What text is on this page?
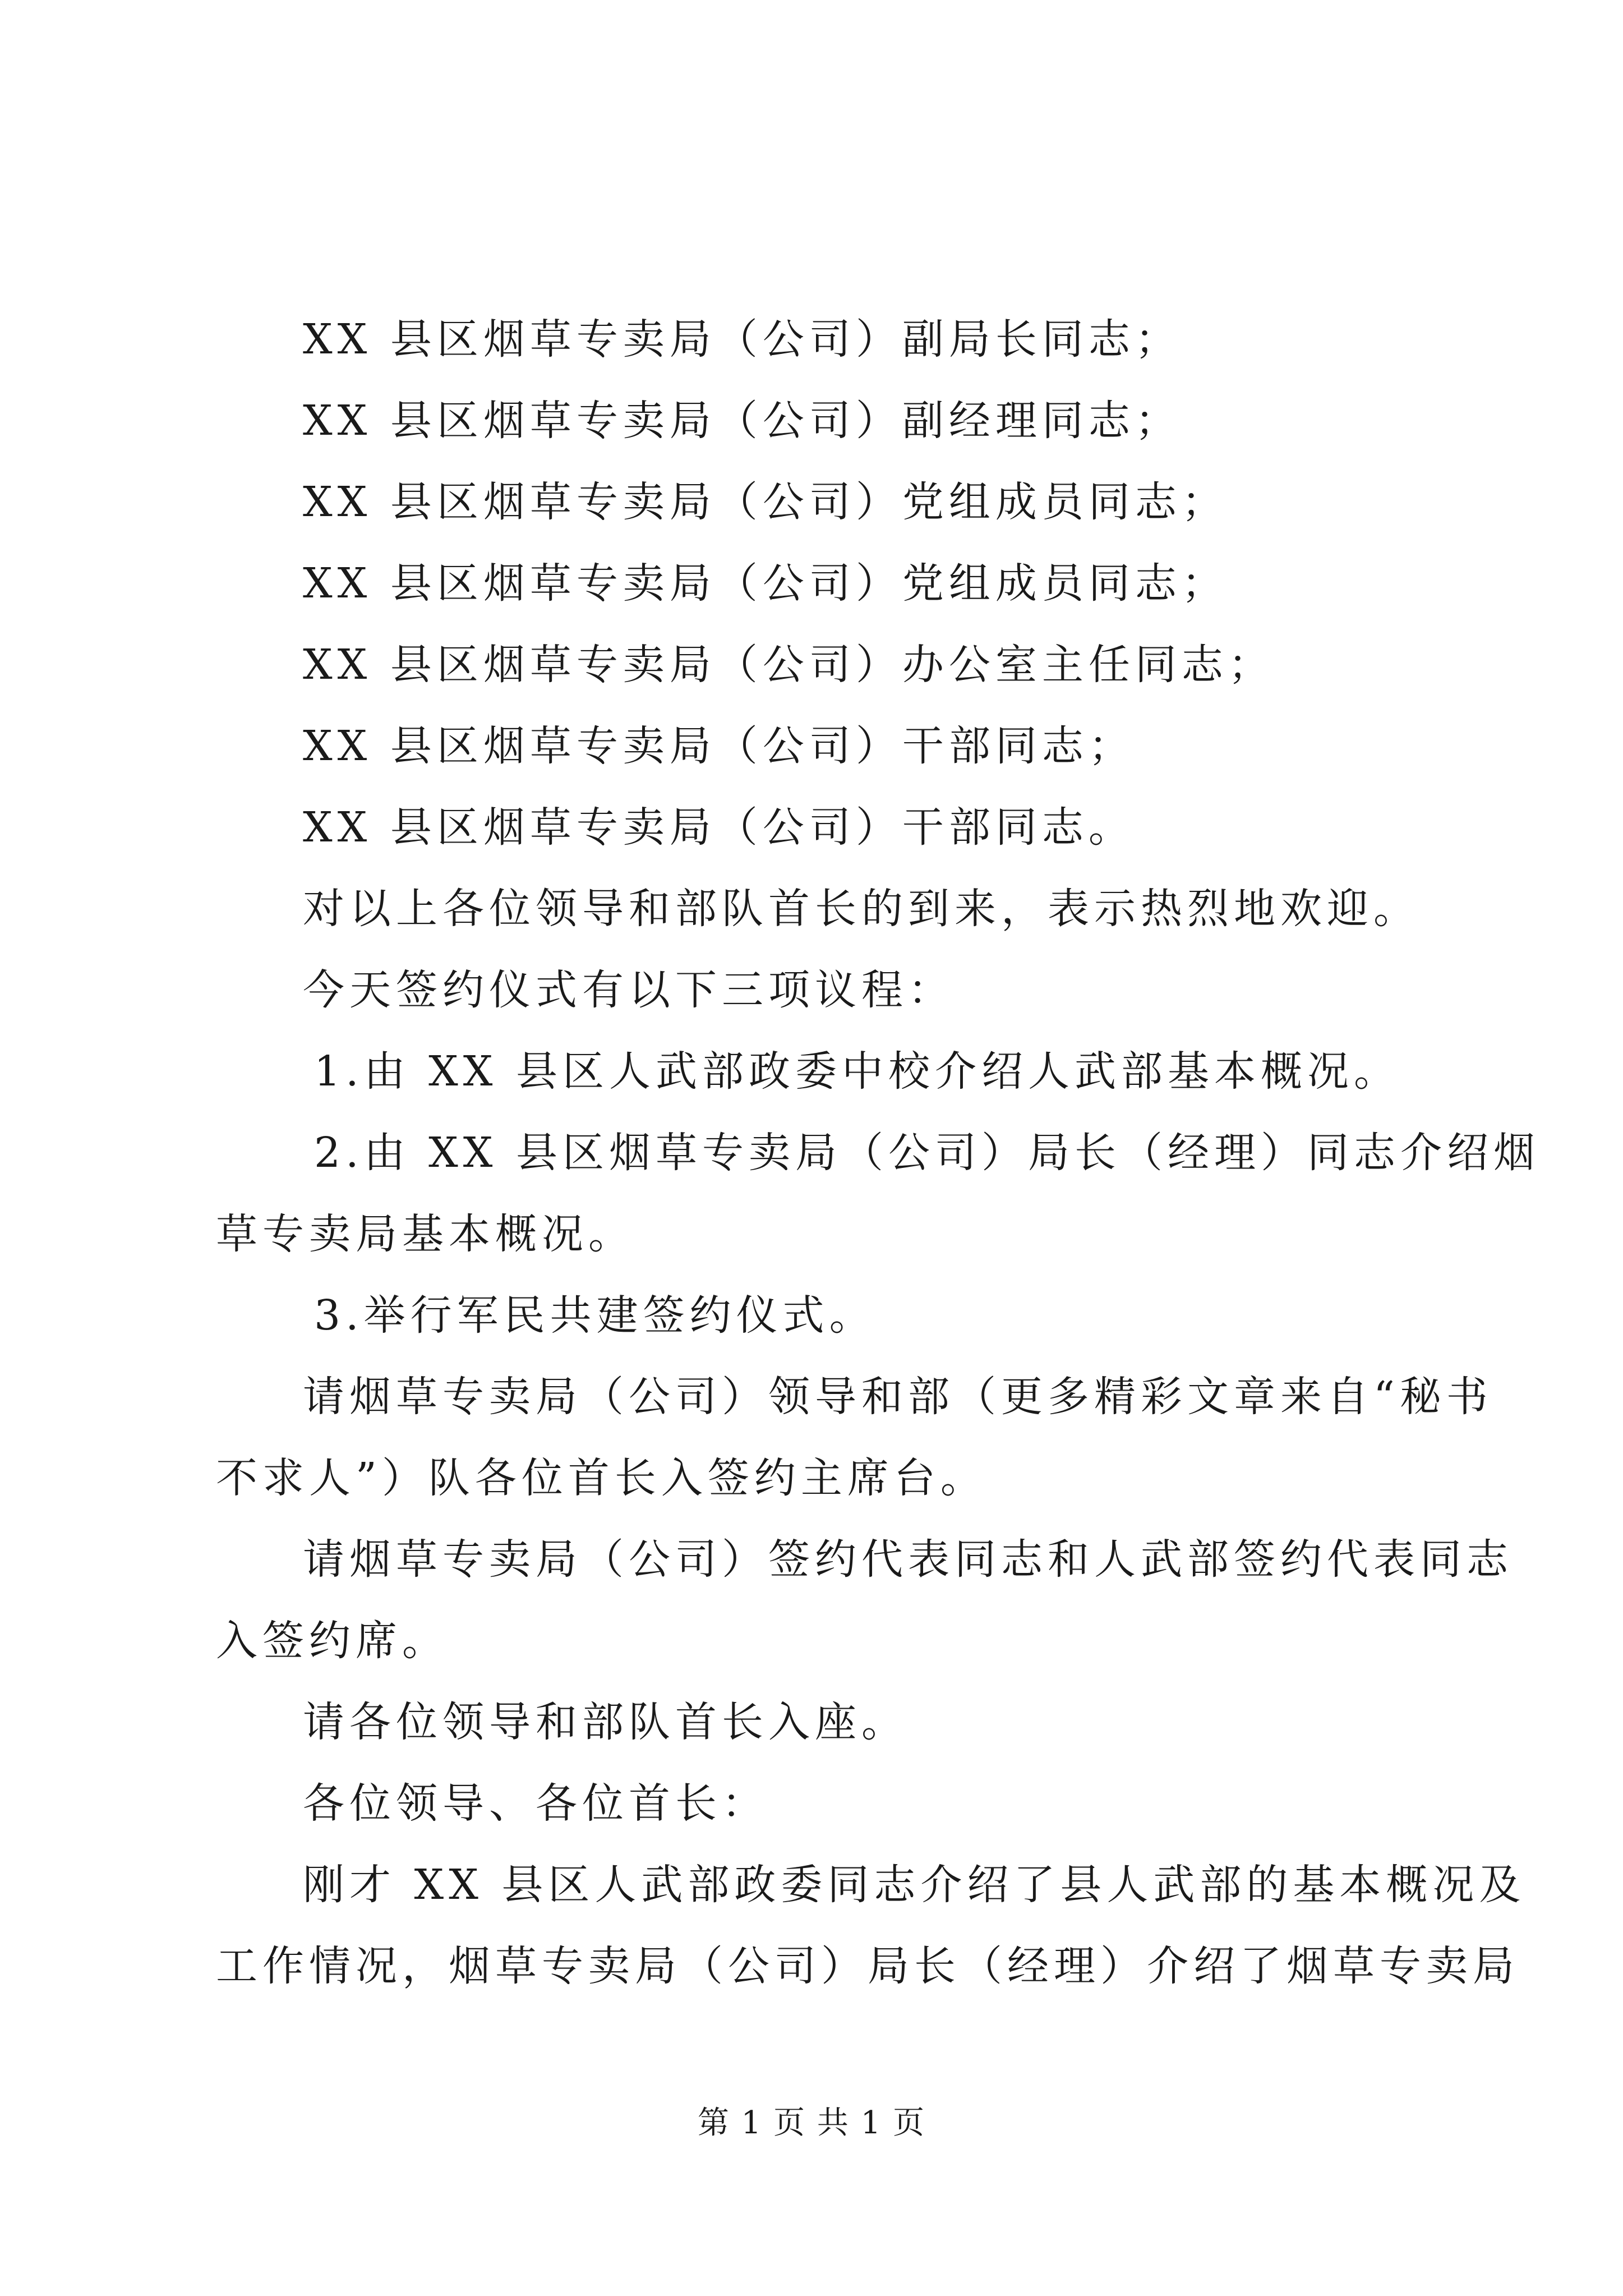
XX 县区烟草专卖局（公司）副局长同志；
XX 县区烟草专卖局（公司）副经理同志；
XX 县区烟草专卖局（公司）党组成员同志；
XX 县区烟草专卖局（公司）党组成员同志；
XX 县区烟草专卖局（公司）办公室主任同志；
XX 县区烟草专卖局（公司）干部同志；
XX 县区烟草专卖局（公司）干部同志。
对以上各位领导和部队首长的到来，表示热烈地欢迎。
今天签约仪式有以下三项议程：
1.由 XX 县区人武部政委中校介绍人武部基本概况。
2.由 XX 县区烟草专卖局（公司）局长（经理）同志介绍烟
草专卖局基本概况。
3.举行军民共建签约仪式。
请烟草专卖局（公司）领导和部（更多精彩文章来自“秘书
不求人”）队各位首长入签约主席台。
请烟草专卖局（公司）签约代表同志和人武部签约代表同志
入签约席。
请各位领导和部队首长入座。
各位领导、各位首长：
刚才 XX 县区人武部政委同志介绍了县人武部的基本概况及
工作情况，烟草专卖局（公司）局长（经理）介绍了烟草专卖局
第 1 页 共 1 页
